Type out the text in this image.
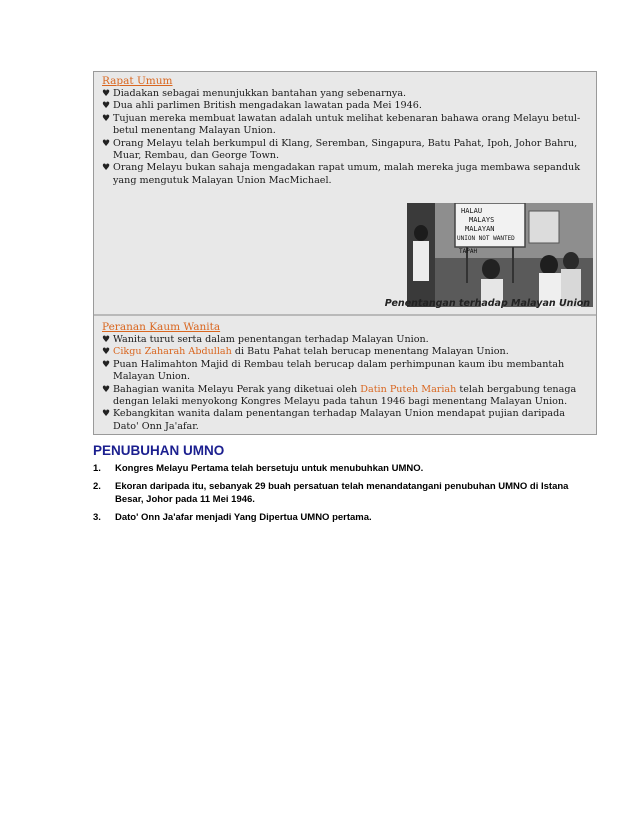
Rapat Umum
♥ Diadakan sebagai menunjukkan bantahan yang sebenarnya.
♥ Dua ahli parlimen British mengadakan lawatan pada Mei 1946.
♥ Tujuan mereka membuat lawatan adalah untuk melihat kebenaran bahawa orang Melayu betul-betul menentang Malayan Union.
♥ Orang Melayu telah berkumpul di Klang, Seremban, Singapura, Batu Pahat, Ipoh, Johor Bahru, Muar, Rembau, dan George Town.
♥ Orang Melayu bukan sahaja mengadakan rapat umum, malah mereka juga membawa sepanduk yang mengutuk Malayan Union MacMichael.
HALAU
MALAYS
MALAYAN
UNION NOT WANTED
TAPAH
Penentangan terhadap Malayan Union
Peranan Kaum Wanita
♥ Wanita turut serta dalam penentangan terhadap Malayan Union.
♥ Cikgu Zaharah Abdullah di Batu Pahat telah berucap menentang Malayan Union.
♥ Puan Halimahton Majid di Rembau telah berucap dalam perhimpunan kaum ibu membantah Malayan Union.
♥ Bahagian wanita Melayu Perak yang diketuai oleh Datin Puteh Mariah telah bergabung tenaga dengan lelaki menyokong Kongres Melayu pada tahun 1946 bagi menentang Malayan Union.
♥ Kebangkitan wanita dalam penentangan terhadap Malayan Union mendapat pujian daripada Dato' Onn Ja'afar.
PENUBUHAN UMNO
1. Kongres Melayu Pertama telah bersetuju untuk menubuhkan UMNO.
2. Ekoran daripada itu, sebanyak 29 buah persatuan telah menandatangani penubuhan UMNO di Istana Besar, Johor pada 11 Mei 1946.
3. Dato' Onn Ja'afar menjadi Yang Dipertua UMNO pertama.
